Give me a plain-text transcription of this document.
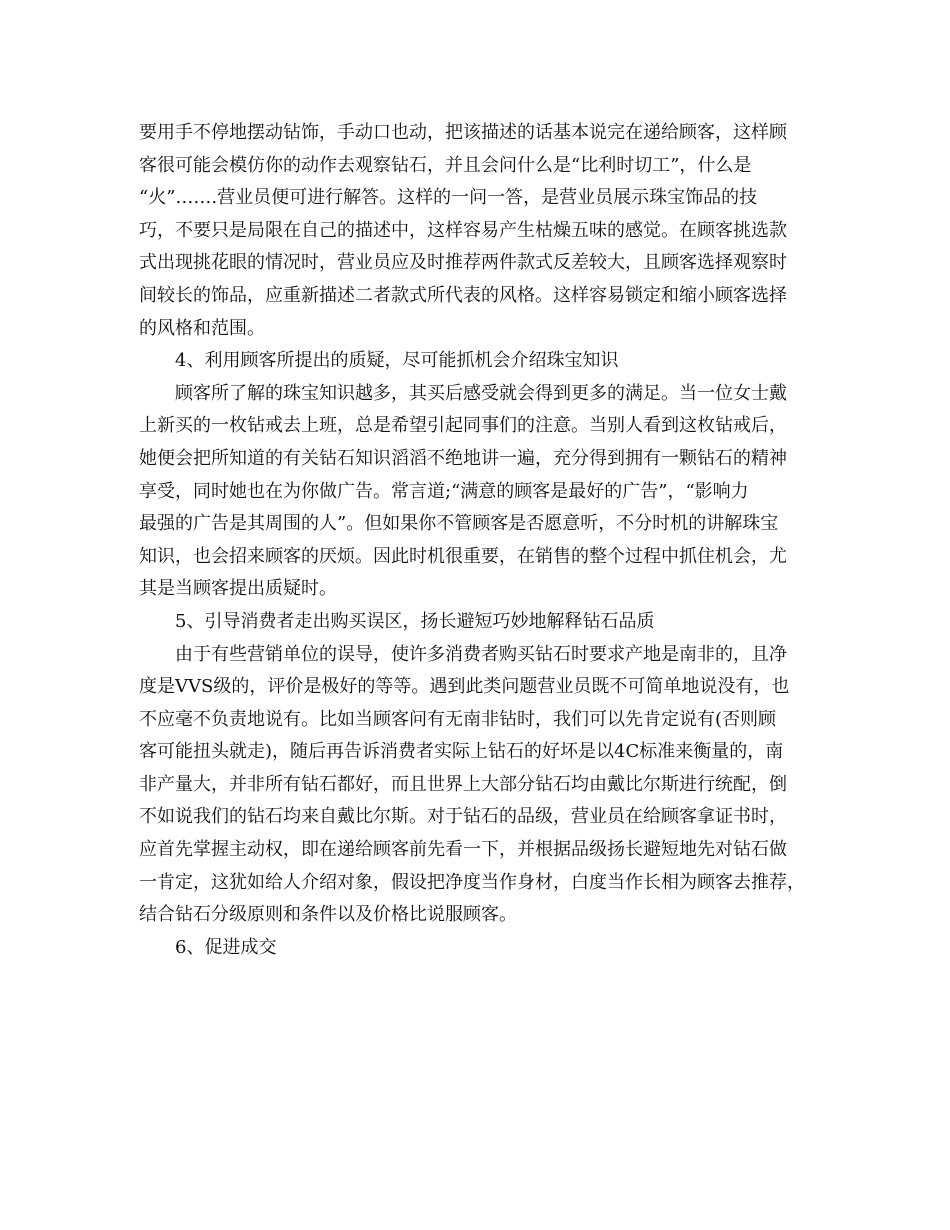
要用手不停地摆动钻饰，手动口也动，把该描述的话基本说完在递给顾客，这样顾
客很可能会模仿你的动作去观察钻石，并且会问什么是“比利时切工”，什么是
“火”…….营业员便可进行解答。这样的一问一答，是营业员展示珠宝饰品的技
巧，不要只是局限在自己的描述中，这样容易产生枯燥五味的感觉。在顾客挑选款
式出现挑花眼的情况时，营业员应及时推荐两件款式反差较大，且顾客选择观察时
间较长的饰品，应重新描述二者款式所代表的风格。这样容易锁定和缩小顾客选择
的风格和范围。
4、利用顾客所提出的质疑，尽可能抓机会介绍珠宝知识
顾客所了解的珠宝知识越多，其买后感受就会得到更多的满足。当一位女士戴
上新买的一枚钻戒去上班，总是希望引起同事们的注意。当别人看到这枚钻戒后，
她便会把所知道的有关钻石知识滔滔不绝地讲一遍，充分得到拥有一颗钻石的精神
享受，同时她也在为你做广告。常言道;“满意的顾客是最好的广告”，“影响力
最强的广告是其周围的人”。但如果你不管顾客是否愿意听，不分时机的讲解珠宝
知识，也会招来顾客的厌烦。因此时机很重要，在销售的整个过程中抓住机会，尤
其是当顾客提出质疑时。
5、引导消费者走出购买误区，扬长避短巧妙地解释钻石品质
由于有些营销单位的误导，使许多消费者购买钻石时要求产地是南非的，且净
度是VVS级的，评价是极好的等等。遇到此类问题营业员既不可简单地说没有，也
不应毫不负责地说有。比如当顾客问有无南非钻时，我们可以先肯定说有(否则顾
客可能扭头就走)，随后再告诉消费者实际上钻石的好坏是以4C标准来衡量的，南
非产量大，并非所有钻石都好，而且世界上大部分钻石均由戴比尔斯进行统配，倒
不如说我们的钻石均来自戴比尔斯。对于钻石的品级，营业员在给顾客拿证书时，
应首先掌握主动权，即在递给顾客前先看一下，并根据品级扬长避短地先对钻石做
一肯定，这犹如给人介绍对象，假设把净度当作身材，白度当作长相为顾客去推荐，
结合钻石分级原则和条件以及价格比说服顾客。
6、促进成交
